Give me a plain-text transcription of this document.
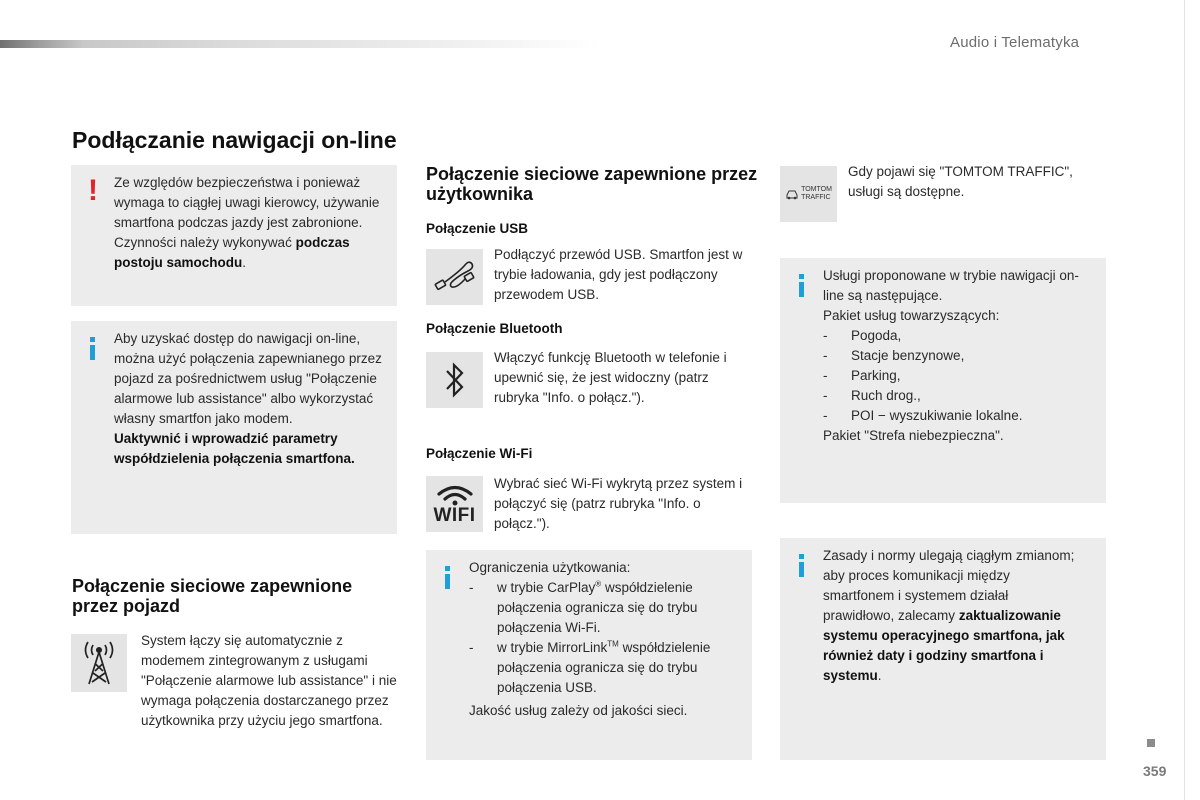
Audio i Telematyka
Podłączanie nawigacji on-line
! Ze względów bezpieczeństwa i ponieważ wymaga to ciągłej uwagi kierowcy, używanie smartfona podczas jazdy jest zabronione.
Czynności należy wykonywać podczas postoju samochodu.

Aby uzyskać dostęp do nawigacji on-line, można użyć połączenia zapewnianego przez pojazd za pośrednictwem usług "Połączenie alarmowe lub assistance" albo wykorzystać własny smartfon jako modem.

Uaktywnić i wprowadzić parametry współdzielenia połączenia smartfona.

Połączenie sieciowe zapewnione przez pojazd
System łączy się automatycznie z modemem zintegrowanym z usługami "Połączenie alarmowe lub assistance" i nie wymaga połączenia dostarczanego przez użytkownika przy użyciu jego smartfona.
Połączenie sieciowe zapewnione przez użytkownika
Połączenie USB
Podłączyć przewód USB. Smartfon jest w trybie ładowania, gdy jest podłączony przewodem USB.
Połączenie Bluetooth
Włączyć funkcję Bluetooth w telefonie i upewnić się, że jest widoczny (patrz rubryka "Info. o połącz.").
Połączenie Wi-Fi
WIFI
Wybrać sieć Wi-Fi wykrytą przez system i połączyć się (patrz rubryka "Info. o połącz.").

Ograniczenia użytkowania:

- w trybie CarPlay® współdzielenie połączenia ogranicza się do trybu połączenia Wi-Fi.
- w trybie MirrorLink™ współdzielenie połączenia ogranicza się do trybu połączenia USB.

Jakość usług zależy od jakości sieci.

TOMTOM
TRAFFIC
Gdy pojawi się "TOMTOM TRAFFIC", usługi są dostępne.

Usługi proponowane w trybie nawigacji on-line są następujące.

Pakiet usług towarzyszących:

- Pogoda,
- Stacje benzynowe,
- Parking,
- Ruch drog.,
- POI − wyszukiwanie lokalne.

Pakiet "Strefa niebezpieczna".

Zasady i normy ulegają ciągłym zmianom; aby proces komunikacji między smartfonem i systemem działał prawidłowo, zalecamy zaktualizowanie systemu operacyjnego smartfona, jak również daty i godziny smartfona i systemu.
359
